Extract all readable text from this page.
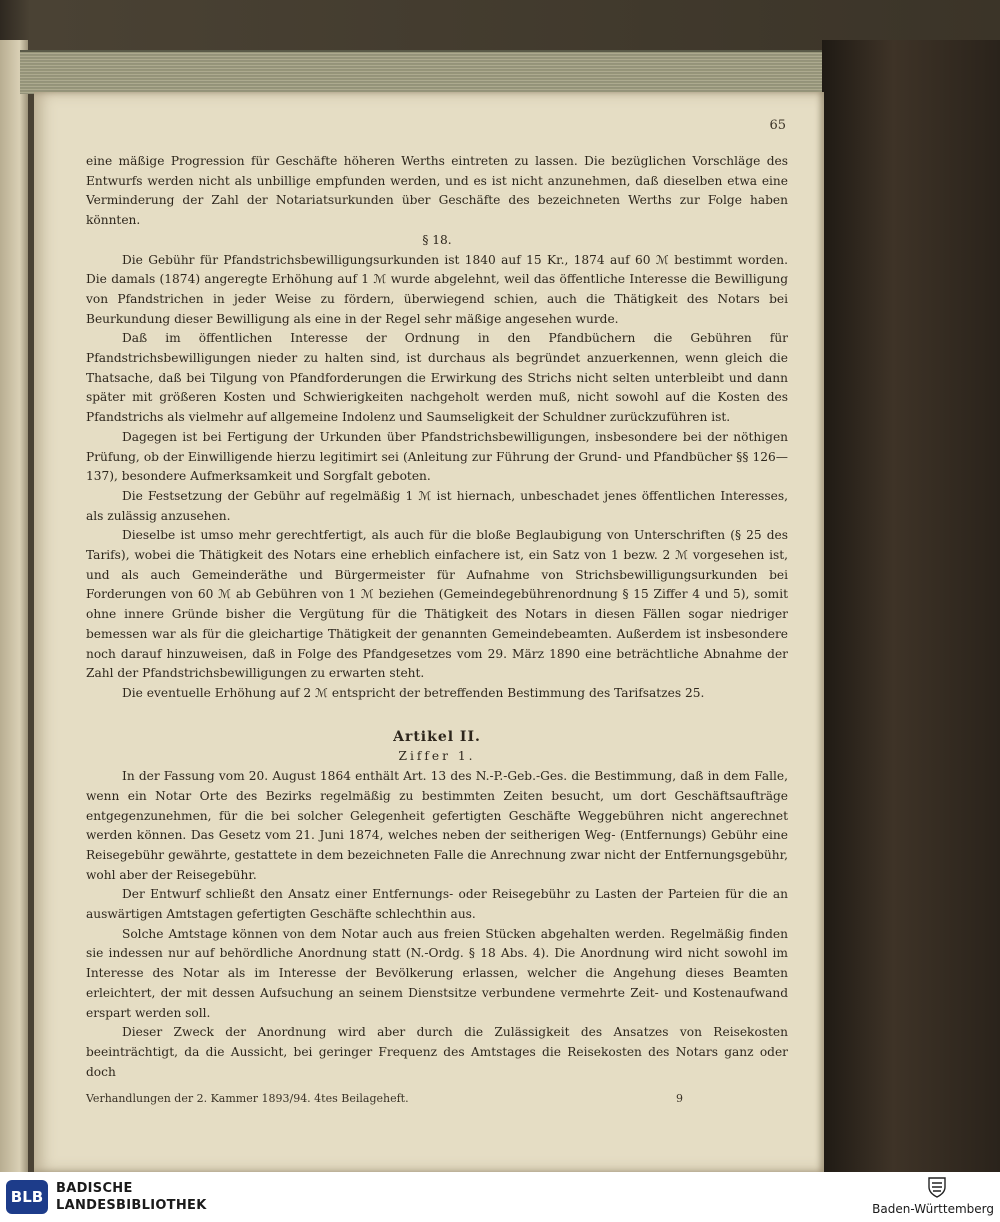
65

eine mäßige Progression für Geschäfte höheren Werths eintreten zu lassen. Die bezüglichen Vorschläge des Entwurfs werden nicht als unbillige empfunden werden, und es ist nicht anzunehmen, daß dieselben etwa eine Verminderung der Zahl der Notariatsurkunden über Geschäfte des bezeichneten Werths zur Folge haben könnten.

§ 18.

Die Gebühr für Pfandstrichsbewilligungsurkunden ist 1840 auf 15 Kr., 1874 auf 60 ℳ bestimmt worden. Die damals (1874) angeregte Erhöhung auf 1 ℳ wurde abgelehnt, weil das öffentliche Interesse die Bewilligung von Pfandstrichen in jeder Weise zu fördern, überwiegend schien, auch die Thätigkeit des Notars bei Beurkundung dieser Bewilligung als eine in der Regel sehr mäßige angesehen wurde.

Daß im öffentlichen Interesse der Ordnung in den Pfandbüchern die Gebühren für Pfandstrichsbewilligungen nieder zu halten sind, ist durchaus als begründet anzuerkennen, wenn gleich die Thatsache, daß bei Tilgung von Pfandforderungen die Erwirkung des Strichs nicht selten unterbleibt und dann später mit größeren Kosten und Schwierigkeiten nachgeholt werden muß, nicht sowohl auf die Kosten des Pfandstrichs als vielmehr auf allgemeine Indolenz und Saumseligkeit der Schuldner zurückzuführen ist.

Dagegen ist bei Fertigung der Urkunden über Pfandstrichsbewilligungen, insbesondere bei der nöthigen Prüfung, ob der Einwilligende hierzu legitimirt sei (Anleitung zur Führung der Grund- und Pfandbücher §§ 126—137), besondere Aufmerksamkeit und Sorgfalt geboten.

Die Festsetzung der Gebühr auf regelmäßig 1 ℳ ist hiernach, unbeschadet jenes öffentlichen Interesses, als zulässig anzusehen.

Dieselbe ist umso mehr gerechtfertigt, als auch für die bloße Beglaubigung von Unterschriften (§ 25 des Tarifs), wobei die Thätigkeit des Notars eine erheblich einfachere ist, ein Satz von 1 bezw. 2 ℳ vorgesehen ist, und als auch Gemeinderäthe und Bürgermeister für Aufnahme von Strichsbewilligungsurkunden bei Forderungen von 60 ℳ ab Gebühren von 1 ℳ beziehen (Gemeindegebührenordnung § 15 Ziffer 4 und 5), somit ohne innere Gründe bisher die Vergütung für die Thätigkeit des Notars in diesen Fällen sogar niedriger bemessen war als für die gleichartige Thätigkeit der genannten Gemeindebeamten. Außerdem ist insbesondere noch darauf hinzuweisen, daß in Folge des Pfandgesetzes vom 29. März 1890 eine beträchtliche Abnahme der Zahl der Pfandstrichsbewilligungen zu erwarten steht.

Die eventuelle Erhöhung auf 2 ℳ entspricht der betreffenden Bestimmung des Tarifsatzes 25.

Artikel II.

Ziffer 1.

In der Fassung vom 20. August 1864 enthält Art. 13 des N.-P.-Geb.-Ges. die Bestimmung, daß in dem Falle, wenn ein Notar Orte des Bezirks regelmäßig zu bestimmten Zeiten besucht, um dort Geschäftsaufträge entgegenzunehmen, für die bei solcher Gelegenheit gefertigten Geschäfte Weggebühren nicht angerechnet werden können. Das Gesetz vom 21. Juni 1874, welches neben der seitherigen Weg- (Entfernungs) Gebühr eine Reisegebühr gewährte, gestattete in dem bezeichneten Falle die Anrechnung zwar nicht der Entfernungsgebühr, wohl aber der Reisegebühr.

Der Entwurf schließt den Ansatz einer Entfernungs- oder Reisegebühr zu Lasten der Parteien für die an auswärtigen Amtstagen gefertigten Geschäfte schlechthin aus.

Solche Amtstage können von dem Notar auch aus freien Stücken abgehalten werden. Regelmäßig finden sie indessen nur auf behördliche Anordnung statt (N.-Ordg. § 18 Abs. 4). Die Anordnung wird nicht sowohl im Interesse des Notar als im Interesse der Bevölkerung erlassen, welcher die Angehung dieses Beamten erleichtert, der mit dessen Aufsuchung an seinem Dienstsitze verbundene vermehrte Zeit- und Kostenaufwand erspart werden soll.

Dieser Zweck der Anordnung wird aber durch die Zulässigkeit des Ansatzes von Reisekosten beeinträchtigt, da die Aussicht, bei geringer Frequenz des Amtstages die Reisekosten des Notars ganz oder doch

Verhandlungen der 2. Kammer 1893/94. 4tes Beilageheft.	9
BLB BADISCHE
LANDESBIBLIOTHEK	Baden-Württemberg
